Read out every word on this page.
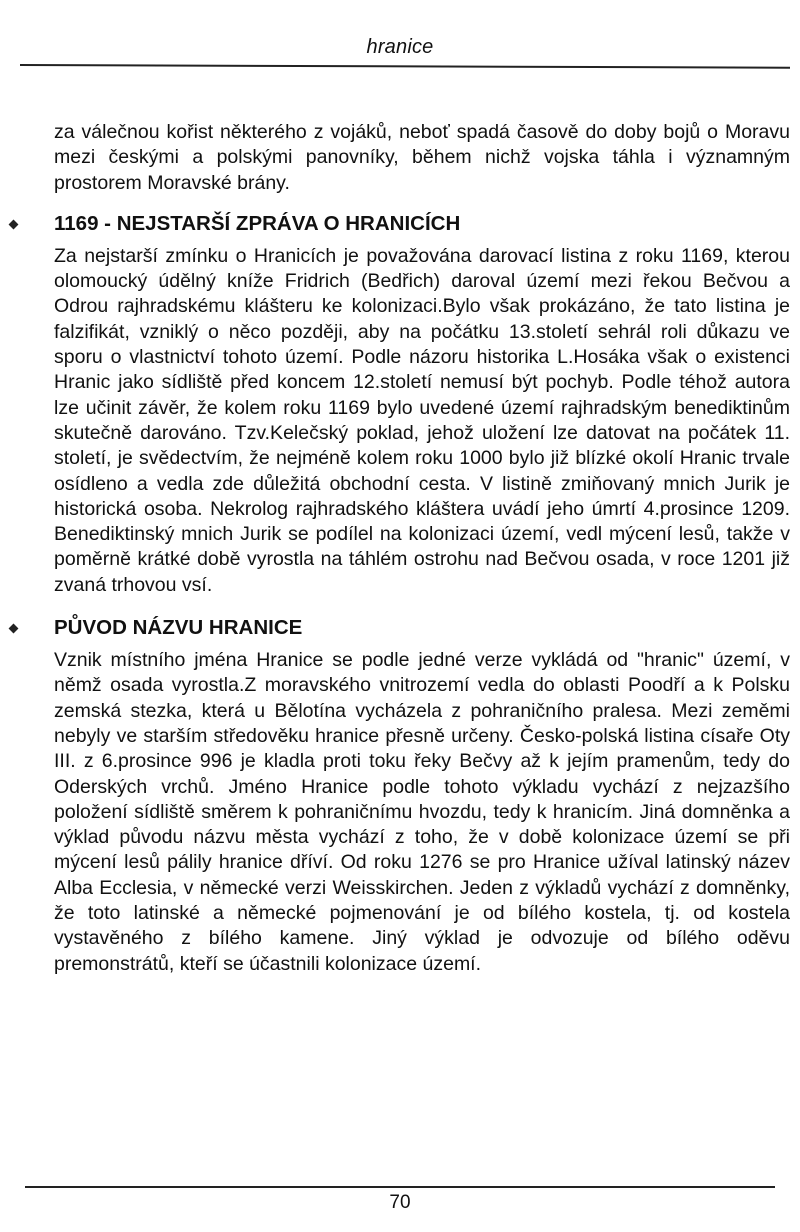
hranice

za válečnou kořist některého z vojáků, neboť spadá časově do doby bojů o Moravu mezi českými a polskými panovníky, během nichž vojska táhla i významným prostorem Moravské brány.

1169 - NEJSTARŠÍ ZPRÁVA O HRANICÍCH

Za nejstarší zmínku o Hranicích je považována darovací listina z roku 1169, kterou olomoucký údělný kníže Fridrich (Bedřich) daroval území mezi řekou Bečvou a Odrou rajhradskému klášteru ke kolonizaci.Bylo však prokázáno, že tato listina je falzifikát, vzniklý o něco později, aby na počátku 13.století sehrál roli důkazu ve sporu o vlastnictví tohoto území. Podle názoru historika L.Hosáka však o existenci Hranic jako sídliště před koncem 12.století nemusí být pochyb. Podle téhož autora lze učinit závěr, že kolem roku 1169 bylo uvedené území rajhradským benediktinům skutečně darováno. Tzv.Kelečský poklad, jehož uložení lze datovat na počátek 11. století, je svědectvím, že nejméně kolem roku 1000 bylo již blízké okolí Hranic trvale osídleno a vedla zde důležitá obchodní cesta. V listině zmiňovaný mnich Jurik je historická osoba. Nekrolog rajhradského kláštera uvádí jeho úmrtí 4.prosince 1209. Benediktinský mnich Jurik se podílel na kolonizaci území, vedl mýcení lesů, takže v poměrně krátké době vyrostla na táhlém ostrohu nad Bečvou osada, v roce 1201 již zvaná trhovou vsí.

PŮVOD NÁZVU HRANICE

Vznik místního jména Hranice se podle jedné verze vykládá od "hranic" území, v němž osada vyrostla.Z moravského vnitrozemí vedla do oblasti Poodří a k Polsku zemská stezka, která u Bělotína vycházela z pohraničního pralesa. Mezi zeměmi nebyly ve starším středověku hranice přesně určeny. Česko-polská listina císaře Oty III. z 6.prosince 996 je kladla proti toku řeky Bečvy až k jejím pramenům, tedy do Oderských vrchů. Jméno Hranice podle tohoto výkladu vychází z nejzazšího položení sídliště směrem k pohraničnímu hvozdu, tedy k hranicím. Jiná domněnka a výklad původu názvu města vychází z toho, že v době kolonizace území se při mýcení lesů pálily hranice dříví. Od roku 1276 se pro Hranice užíval latinský název Alba Ecclesia, v německé verzi Weisskirchen. Jeden z výkladů vychází z domněnky, že toto latinské a německé pojmenování je od bílého kostela, tj. od kostela vystavěného z bílého kamene. Jiný výklad je odvozuje od bílého oděvu premonstrátů, kteří se účastnili kolonizace území.

70
